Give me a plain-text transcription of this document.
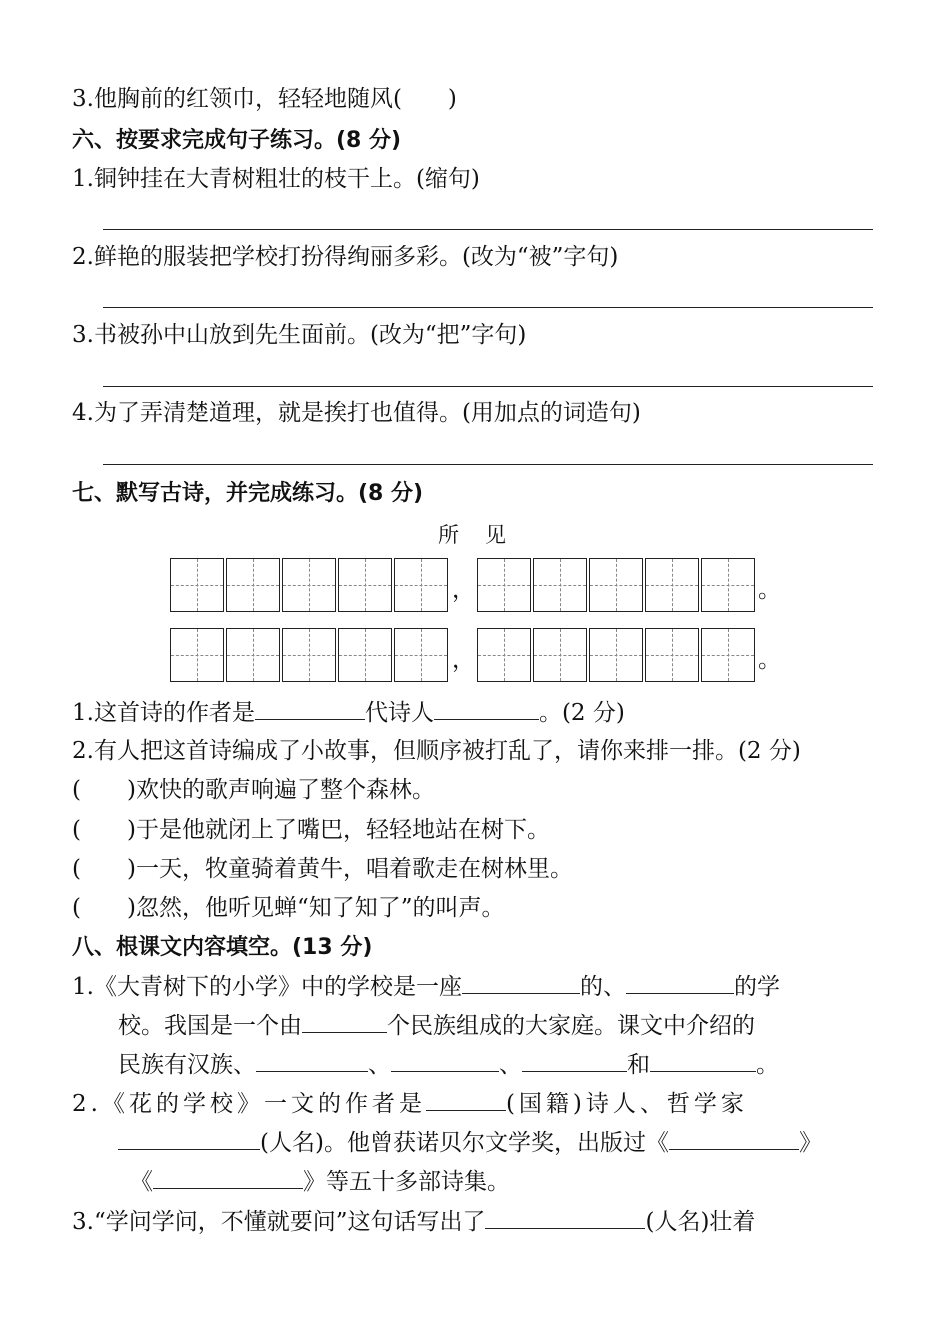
3.他胸前的红领巾，轻轻地随风(　　)
六、按要求完成句子练习。(8 分)
1.铜钟挂在大青树粗壮的枝干上。(缩句)
2.鲜艳的服装把学校打扮得绚丽多彩。(改为“被”字句)
3.书被孙中山放到先生面前。(改为“把”字句)
4.为了弄清楚道理，就是挨打也值得。(用加点的词造句)
七、默写古诗，并完成练习。(8 分)
所见
，	。
，	。
1.这首诗的作者是	代诗人	。(2 分)
2.有人把这首诗编成了小故事，但顺序被打乱了，请你来排一排。(2 分)
(　　)欢快的歌声响遍了整个森林。
(　　)于是他就闭上了嘴巴，轻轻地站在树下。
(　　)一天，牧童骑着黄牛，唱着歌走在树林里。
(　　)忽然，他听见蝉“知了知了”的叫声。
八、根课文内容填空。(13 分)
1.《大青树下的小学》中的学校是一座	的、	的学
校。我国是一个由	个民族组成的大家庭。课文中介绍的
民族有汉族、	、	、	和	。
2.《花的学校》一文的作者是	(国籍)诗人、哲学家
(人名)。他曾获诺贝尔文学奖，出版过《	》
《	》等五十多部诗集。
3.“学问学问，不懂就要问”这句话写出了	(人名)壮着
